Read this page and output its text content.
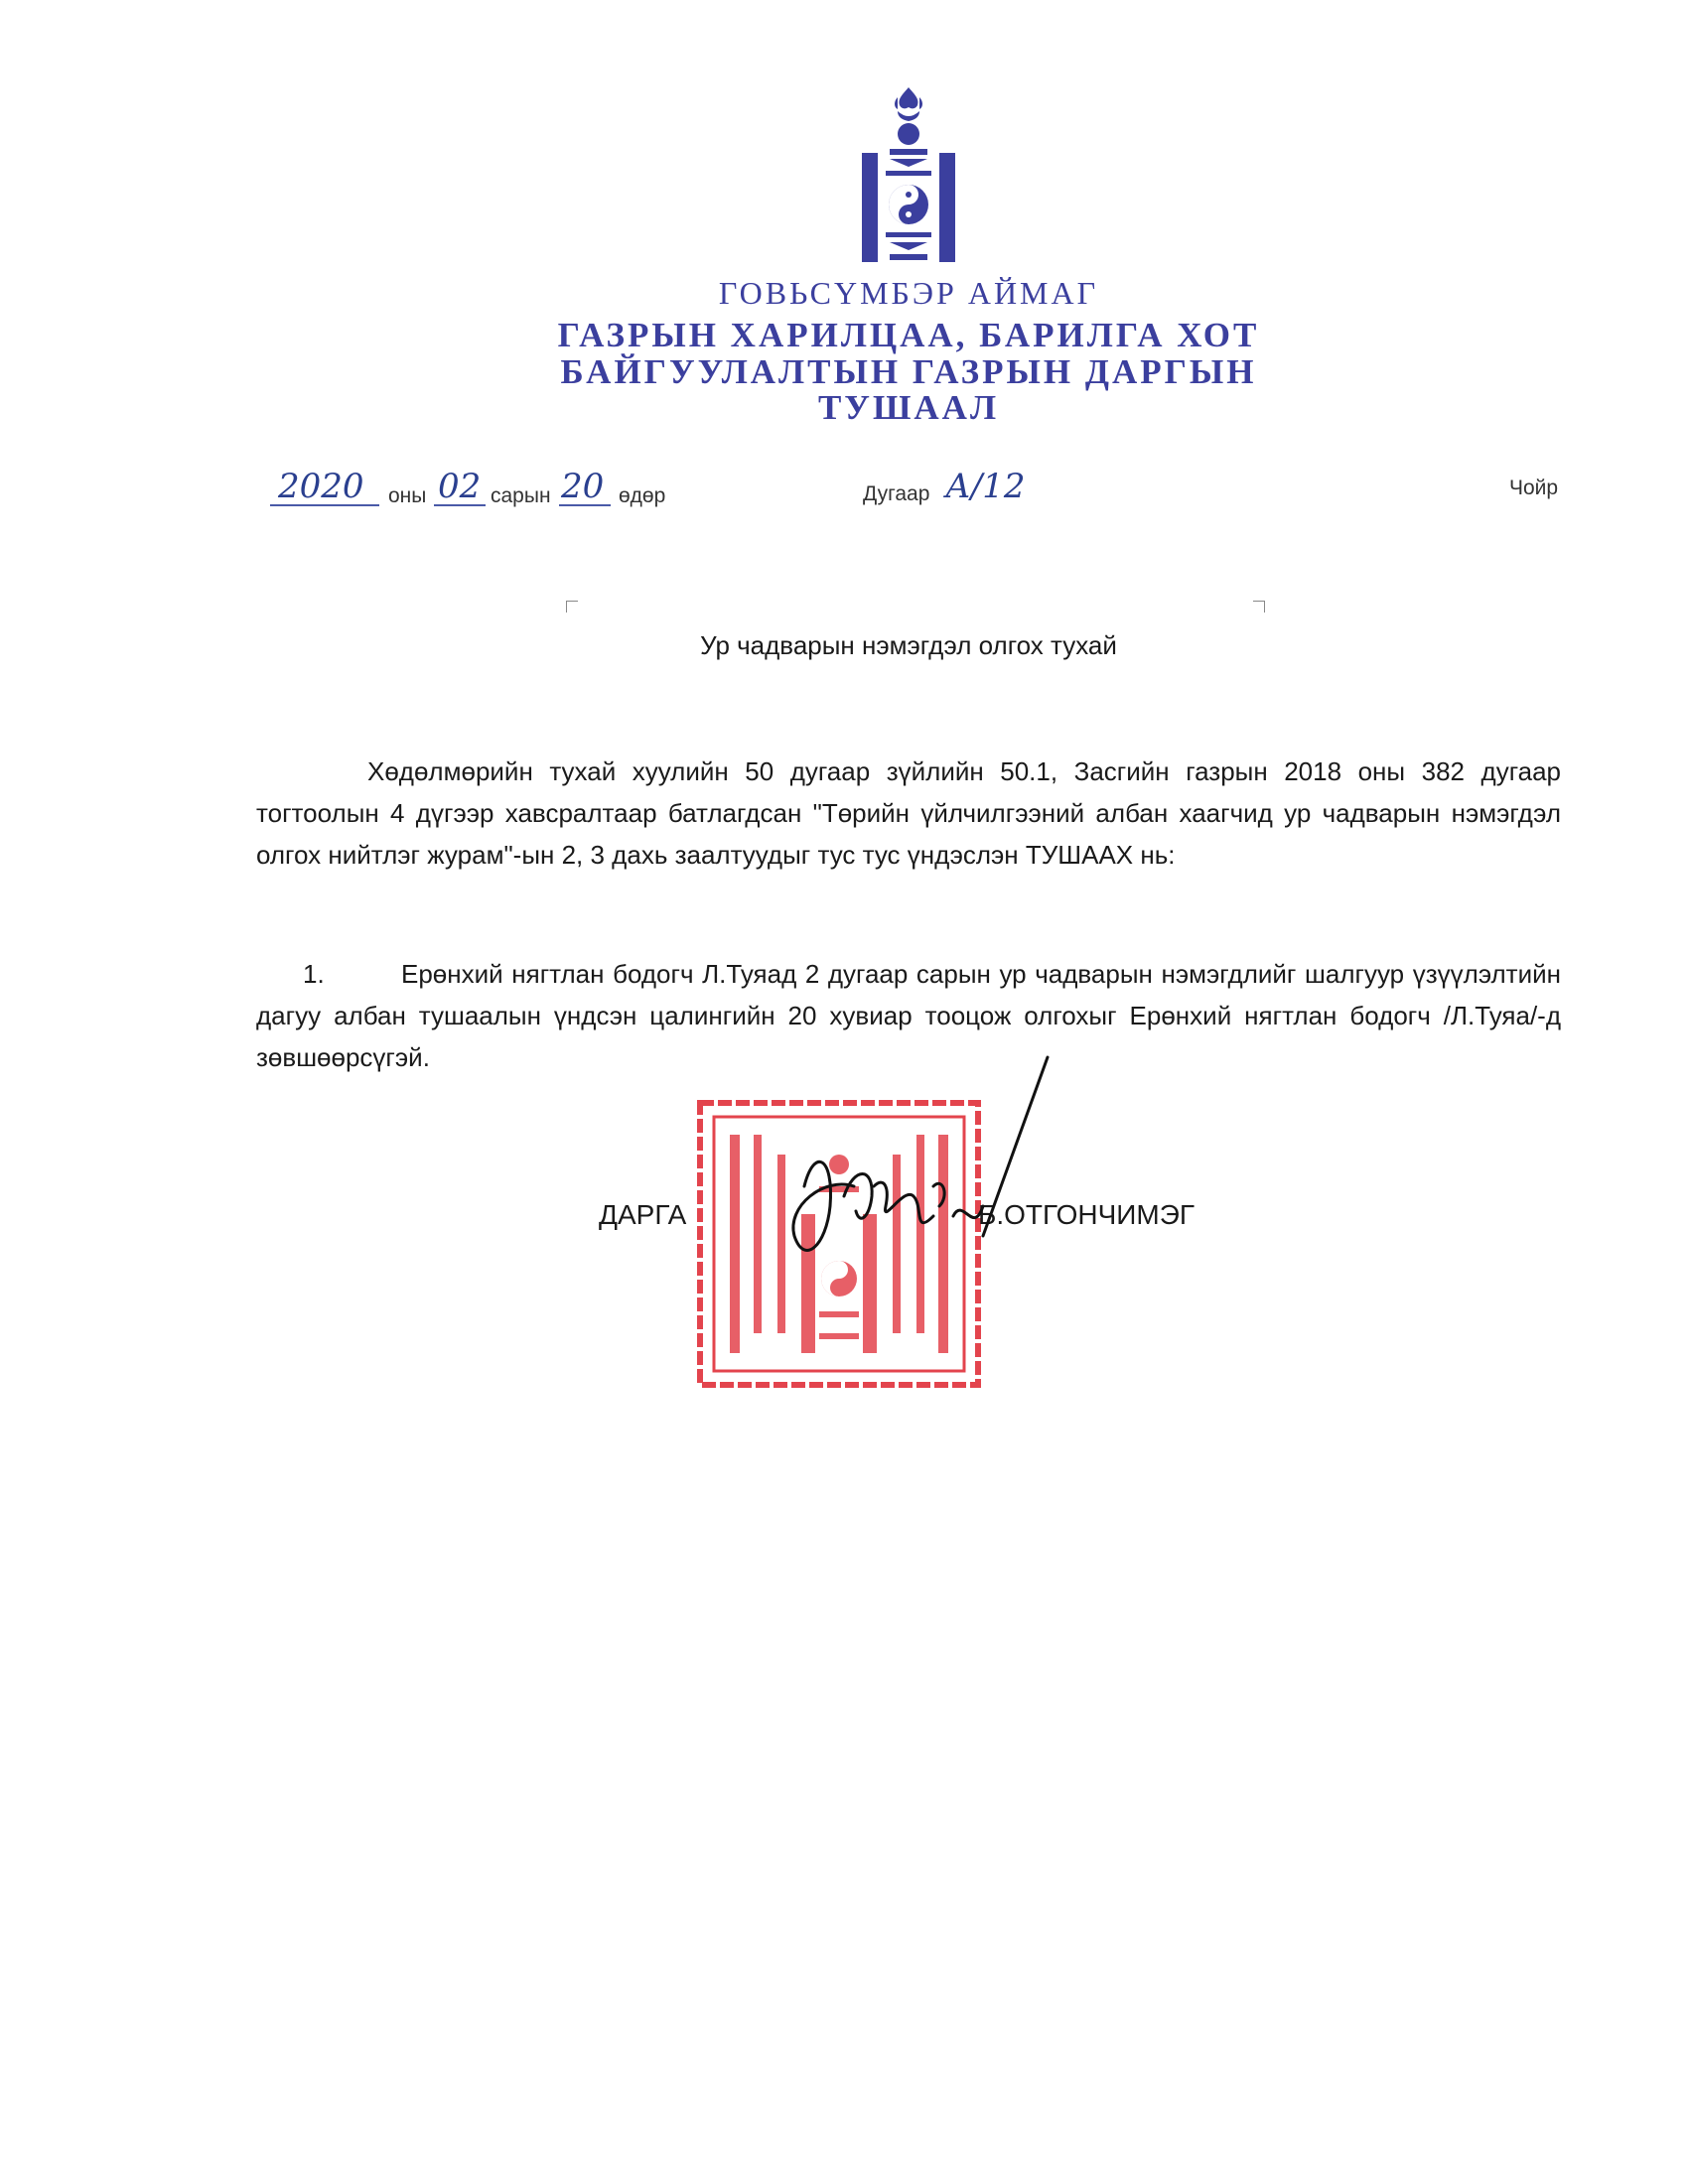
ГОВЬСҮМБЭР АЙМАГ
ГАЗРЫН ХАРИЛЦАА, БАРИЛГА ХОТ
БАЙГУУЛАЛТЫН ГАЗРЫН ДАРГЫН
ТУШААЛ
2020 оны 02 сарын 20 өдөр	Дугаар А/12	Чойр
Ур чадварын нэмэгдэл олгох тухай
Хөдөлмөрийн тухай хуулийн 50 дугаар зүйлийн 50.1, Засгийн газрын 2018 оны 382 дугаар тогтоолын 4 дүгээр хавсралтаар батлагдсан "Төрийн үйлчилгээний албан хаагчид ур чадварын нэмэгдэл олгох нийтлэг журам"-ын 2, 3 дахь заалтуудыг тус тус үндэслэн ТУШААХ нь:
1.	Ерөнхий нягтлан бодогч Л.Туяад 2 дугаар сарын ур чадварын нэмэгдлийг шалгуур үзүүлэлтийн дагуу албан тушаалын үндсэн цалингийн 20 хувиар тооцож олгохыг Ерөнхий нягтлан бодогч /Л.Туяа/-д зөвшөөрсүгэй.
ДАРГА	Б.ОТГОНЧИМЭГ
